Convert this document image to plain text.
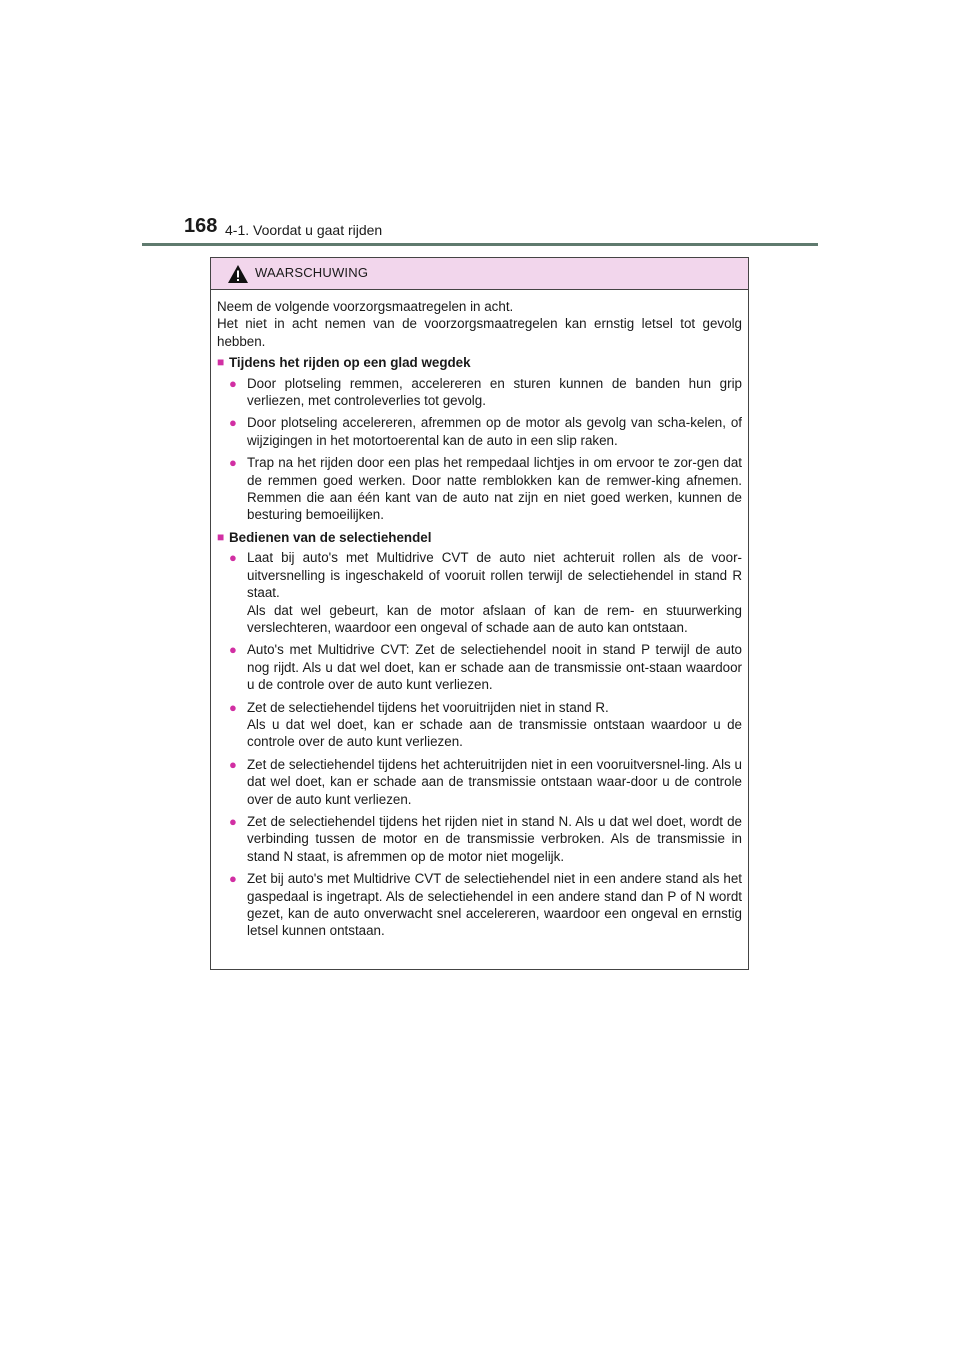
168 4-1. Voordat u gaat rijden
WAARSCHUWING

Neem de volgende voorzorgsmaatregelen in acht.

Het niet in acht nemen van de voorzorgsmaatregelen kan ernstig letsel tot gevolg hebben.

■ Tijdens het rijden op een glad wegdek
● Door plotseling remmen, accelereren en sturen kunnen de banden hun grip verliezen, met controleverlies tot gevolg.

● Door plotseling accelereren, afremmen op de motor als gevolg van scha-kelen, of wijzigingen in het motortoerental kan de auto in een slip raken.

● Trap na het rijden door een plas het rempedaal lichtjes in om ervoor te zor-gen dat de remmen goed werken. Door natte remblokken kan de remwer-king afnemen. Remmen die aan één kant van de auto nat zijn en niet goed werken, kunnen de besturing bemoeilijken.

■ Bedienen van de selectiehendel
● Laat bij auto's met Multidrive CVT de auto niet achteruit rollen als de voor-uitversnelling is ingeschakeld of vooruit rollen terwijl de selectiehendel in stand R staat.

Als dat wel gebeurt, kan de motor afslaan of kan de rem- en stuurwerking verslechteren, waardoor een ongeval of schade aan de auto kan ontstaan.

● Auto's met Multidrive CVT: Zet de selectiehendel nooit in stand P terwijl de auto nog rijdt. Als u dat wel doet, kan er schade aan de transmissie ont-staan waardoor u de controle over de auto kunt verliezen.

● Zet de selectiehendel tijdens het vooruitrijden niet in stand R.

Als u dat wel doet, kan er schade aan de transmissie ontstaan waardoor u de controle over de auto kunt verliezen.

● Zet de selectiehendel tijdens het achteruitrijden niet in een vooruitversnel-ling. Als u dat wel doet, kan er schade aan de transmissie ontstaan waar-door u de controle over de auto kunt verliezen.

● Zet de selectiehendel tijdens het rijden niet in stand N. Als u dat wel doet, wordt de verbinding tussen de motor en de transmissie verbroken. Als de transmissie in stand N staat, is afremmen op de motor niet mogelijk.

● Zet bij auto's met Multidrive CVT de selectiehendel niet in een andere stand als het gaspedaal is ingetrapt. Als de selectiehendel in een andere stand dan P of N wordt gezet, kan de auto onverwacht snel accelereren, waardoor een ongeval en ernstig letsel kunnen ontstaan.
